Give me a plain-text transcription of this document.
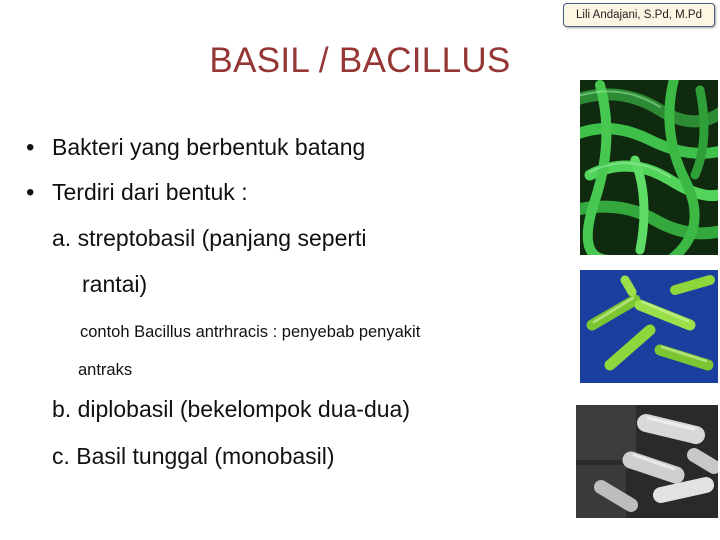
Lili Andajani, S.Pd, M.Pd
BASIL / BACILLUS
• Bakteri yang berbentuk batang
• Terdiri dari bentuk :
a. streptobasil (panjang seperti
rantai)
contoh Bacillus antrhracis : penyebab penyakit
antraks
b. diplobasil (bekelompok dua-dua)
c. Basil tunggal (monobasil)
